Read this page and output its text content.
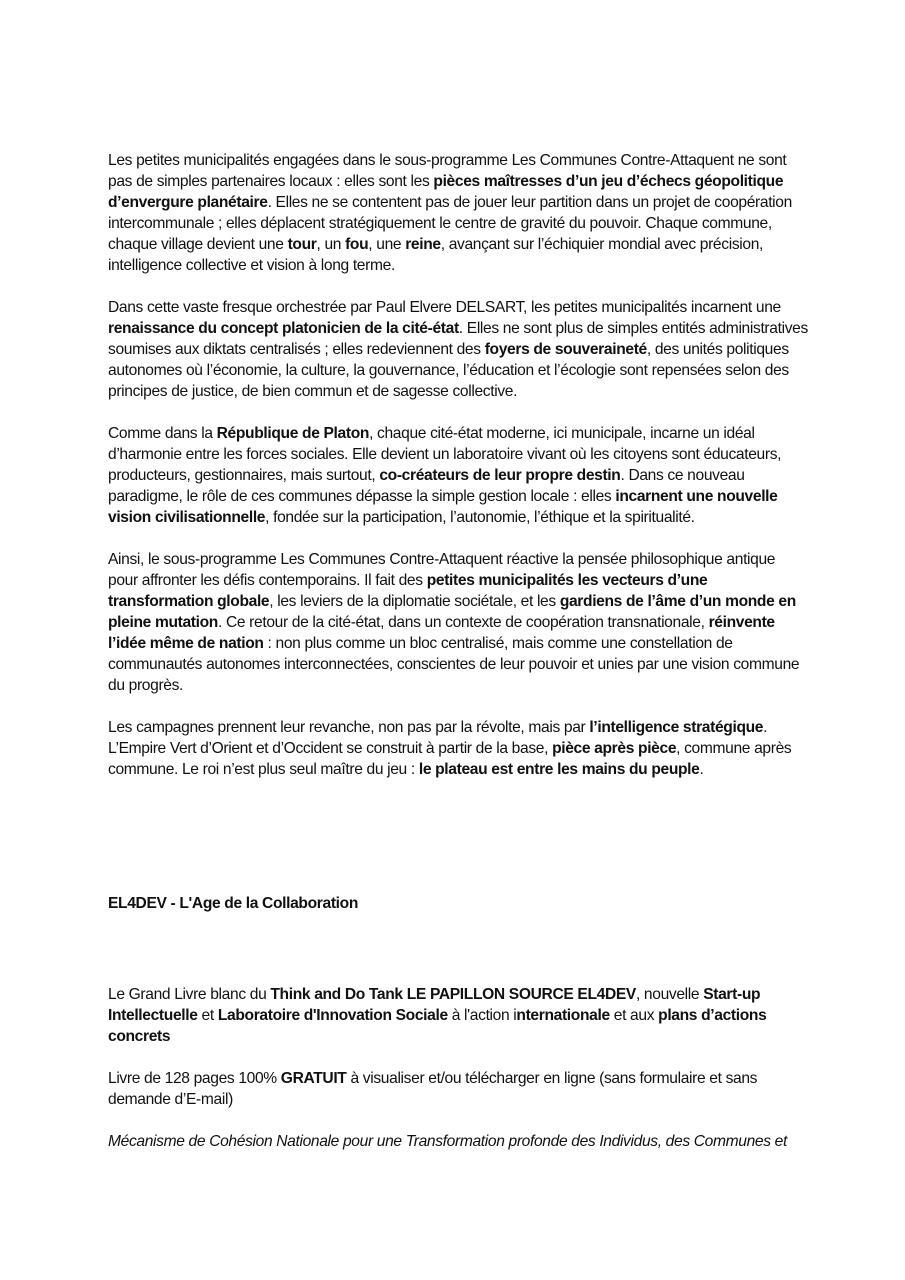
Les petites municipalités engagées dans le sous-programme Les Communes Contre-Attaquent ne sont pas de simples partenaires locaux : elles sont les pièces maîtresses d’un jeu d’échecs géopolitique d’envergure planétaire. Elles ne se contentent pas de jouer leur partition dans un projet de coopération intercommunale ; elles déplacent stratégiquement le centre de gravité du pouvoir. Chaque commune, chaque village devient une tour, un fou, une reine, avançant sur l’échiquier mondial avec précision, intelligence collective et vision à long terme.

Dans cette vaste fresque orchestrée par Paul Elvere DELSART, les petites municipalités incarnent une renaissance du concept platonicien de la cité-état. Elles ne sont plus de simples entités administratives soumises aux diktats centralisés ; elles redeviennent des foyers de souveraineté, des unités politiques autonomes où l’économie, la culture, la gouvernance, l’éducation et l’écologie sont repensées selon des principes de justice, de bien commun et de sagesse collective.

Comme dans la République de Platon, chaque cité-état moderne, ici municipale, incarne un idéal d’harmonie entre les forces sociales. Elle devient un laboratoire vivant où les citoyens sont éducateurs, producteurs, gestionnaires, mais surtout, co-créateurs de leur propre destin. Dans ce nouveau paradigme, le rôle de ces communes dépasse la simple gestion locale : elles incarnent une nouvelle vision civilisationnelle, fondée sur la participation, l’autonomie, l’éthique et la spiritualité.

Ainsi, le sous-programme Les Communes Contre-Attaquent réactive la pensée philosophique antique pour affronter les défis contemporains. Il fait des petites municipalités les vecteurs d’une transformation globale, les leviers de la diplomatie sociétale, et les gardiens de l’âme d’un monde en pleine mutation. Ce retour de la cité-état, dans un contexte de coopération transnationale, réinvente l’idée même de nation : non plus comme un bloc centralisé, mais comme une constellation de communautés autonomes interconnectées, conscientes de leur pouvoir et unies par une vision commune du progrès.

Les campagnes prennent leur revanche, non pas par la révolte, mais par l’intelligence stratégique. L’Empire Vert d’Orient et d’Occident se construit à partir de la base, pièce après pièce, commune après commune. Le roi n’est plus seul maître du jeu : le plateau est entre les mains du peuple.

EL4DEV - L'Age de la Collaboration

Le Grand Livre blanc du Think and Do Tank LE PAPILLON SOURCE EL4DEV, nouvelle Start-up Intellectuelle et Laboratoire d'Innovation Sociale à l'action internationale et aux plans d’actions concrets

Livre de 128 pages 100% GRATUIT à visualiser et/ou télécharger en ligne (sans formulaire et sans demande d’E-mail)

Mécanisme de Cohésion Nationale pour une Transformation profonde des Individus, des Communes et
